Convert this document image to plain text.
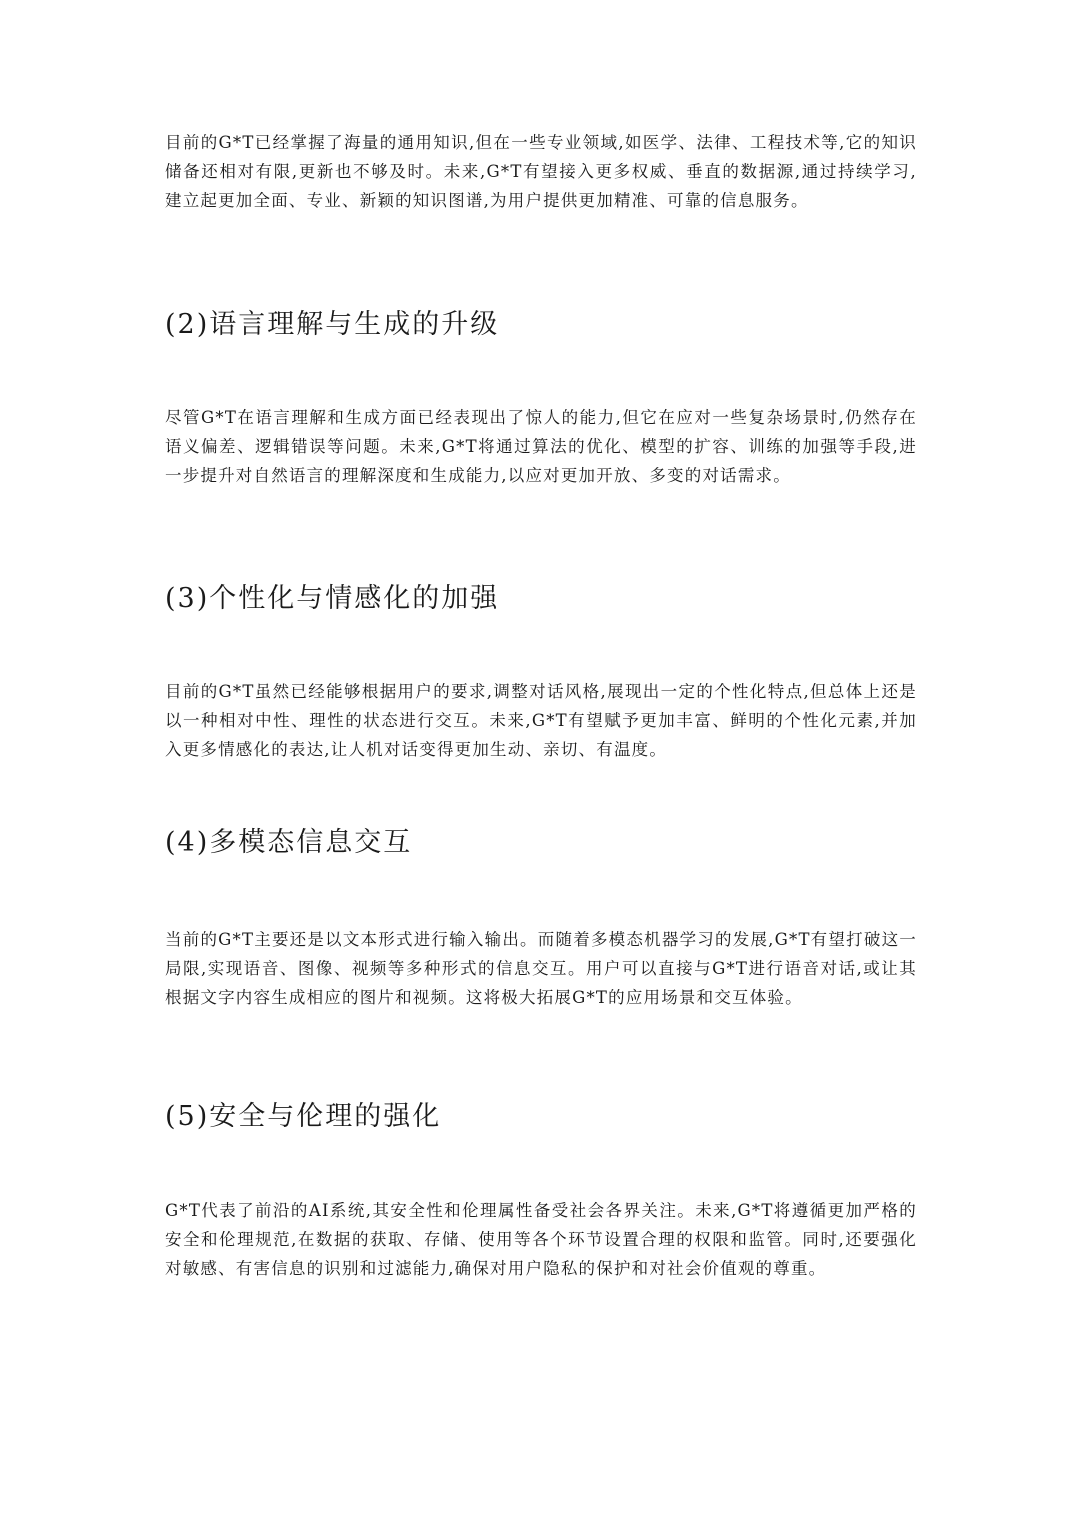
目前的G*T已经掌握了海量的通用知识,但在一些专业领域,如医学、法律、工程技术等,它的知识储备还相对有限,更新也不够及时。未来,G*T有望接入更多权威、垂直的数据源,通过持续学习,建立起更加全面、专业、新颖的知识图谱,为用户提供更加精准、可靠的信息服务。

(2)语言理解与生成的升级

尽管G*T在语言理解和生成方面已经表现出了惊人的能力,但它在应对一些复杂场景时,仍然存在语义偏差、逻辑错误等问题。未来,G*T将通过算法的优化、模型的扩容、训练的加强等手段,进一步提升对自然语言的理解深度和生成能力,以应对更加开放、多变的对话需求。

(3)个性化与情感化的加强

目前的G*T虽然已经能够根据用户的要求,调整对话风格,展现出一定的个性化特点,但总体上还是以一种相对中性、理性的状态进行交互。未来,G*T有望赋予更加丰富、鲜明的个性化元素,并加入更多情感化的表达,让人机对话变得更加生动、亲切、有温度。

(4)多模态信息交互

当前的G*T主要还是以文本形式进行输入输出。而随着多模态机器学习的发展,G*T有望打破这一局限,实现语音、图像、视频等多种形式的信息交互。用户可以直接与G*T进行语音对话,或让其根据文字内容生成相应的图片和视频。这将极大拓展G*T的应用场景和交互体验。

(5)安全与伦理的强化

G*T代表了前沿的AI系统,其安全性和伦理属性备受社会各界关注。未来,G*T将遵循更加严格的安全和伦理规范,在数据的获取、存储、使用等各个环节设置合理的权限和监管。同时,还要强化对敏感、有害信息的识别和过滤能力,确保对用户隐私的保护和对社会价值观的尊重。
